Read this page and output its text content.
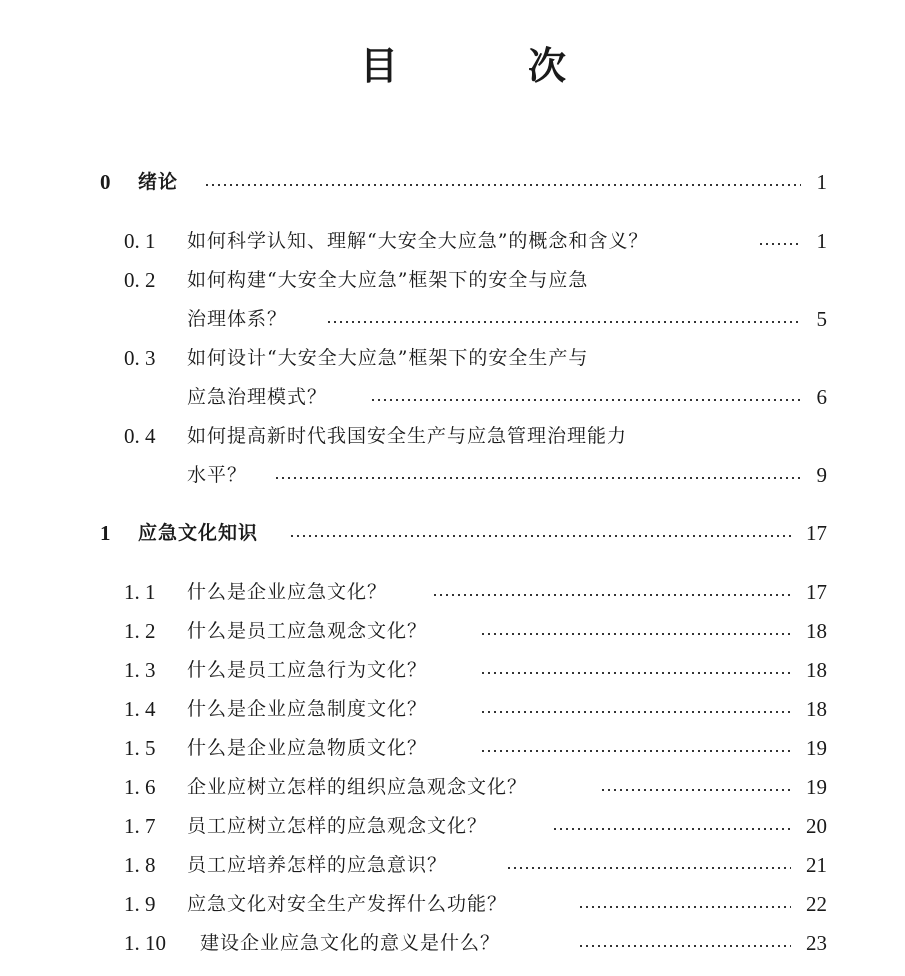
目	次
0 绪论	1
0. 1 如何科学认知、理解“大安全大应急”的概念和含义？	1
0. 2 如何构建“大安全大应急”框架下的安全与应急
治理体系？	5
0. 3 如何设计“大安全大应急”框架下的安全生产与
应急治理模式？	6
0. 4 如何提高新时代我国安全生产与应急管理治理能力
水平？	9
1 应急文化知识	17
1. 1 什么是企业应急文化？	17
1. 2 什么是员工应急观念文化？	18
1. 3 什么是员工应急行为文化？	18
1. 4 什么是企业应急制度文化？	18
1. 5 什么是企业应急物质文化？	19
1. 6 企业应树立怎样的组织应急观念文化？	19
1. 7 员工应树立怎样的应急观念文化？	20
1. 8 员工应培养怎样的应急意识？	21
1. 9 应急文化对安全生产发挥什么功能？	22
1. 10 建设企业应急文化的意义是什么？	23
